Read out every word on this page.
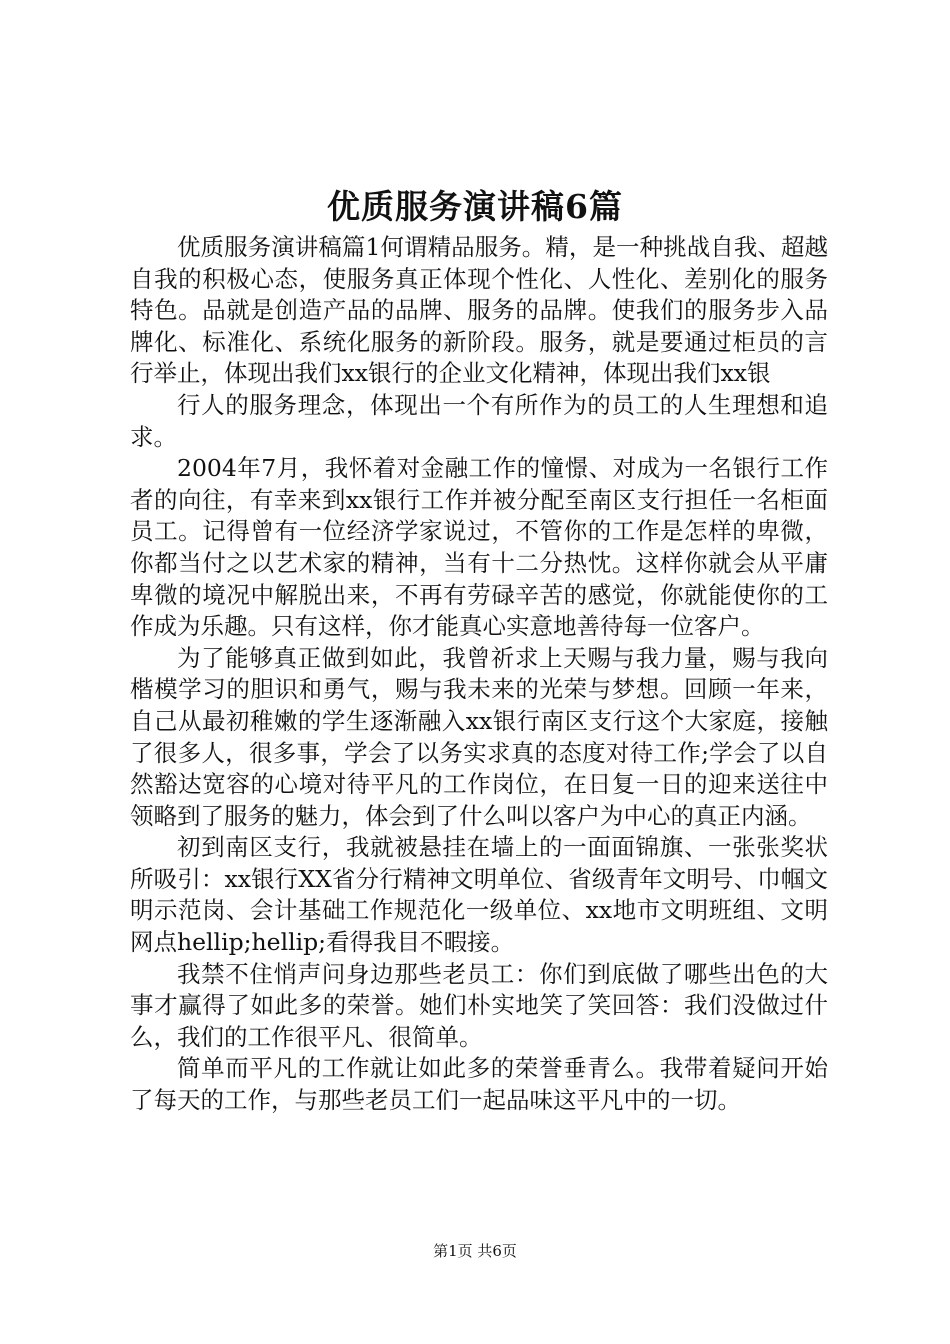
优质服务演讲稿6篇

优质服务演讲稿篇1何谓精品服务。精，是一种挑战自我、超越自我的积极心态，使服务真正体现个性化、人性化、差别化的服务特色。品就是创造产品的品牌、服务的品牌。使我们的服务步入品牌化、标准化、系统化服务的新阶段。服务，就是要通过柜员的言行举止，体现出我们xx银行的企业文化精神，体现出我们xx银

行人的服务理念，体现出一个有所作为的员工的人生理想和追求。

2004年7月，我怀着对金融工作的憧憬、对成为一名银行工作者的向往，有幸来到xx银行工作并被分配至南区支行担任一名柜面员工。记得曾有一位经济学家说过，不管你的工作是怎样的卑微，你都当付之以艺术家的精神，当有十二分热忱。这样你就会从平庸卑微的境况中解脱出来，不再有劳碌辛苦的感觉，你就能使你的工作成为乐趣。只有这样，你才能真心实意地善待每一位客户。

为了能够真正做到如此，我曾祈求上天赐与我力量，赐与我向楷模学习的胆识和勇气，赐与我未来的光荣与梦想。回顾一年来，自己从最初稚嫩的学生逐渐融入xx银行南区支行这个大家庭，接触了很多人，很多事，学会了以务实求真的态度对待工作;学会了以自然豁达宽容的心境对待平凡的工作岗位，在日复一日的迎来送往中领略到了服务的魅力，体会到了什么叫以客户为中心的真正内涵。

初到南区支行，我就被悬挂在墙上的一面面锦旗、一张张奖状所吸引：xx银行XX省分行精神文明单位、省级青年文明号、巾帼文明示范岗、会计基础工作规范化一级单位、xx地市文明班组、文明网点hellip;hellip;看得我目不暇接。

我禁不住悄声问身边那些老员工：你们到底做了哪些出色的大事才赢得了如此多的荣誉。她们朴实地笑了笑回答：我们没做过什么，我们的工作很平凡、很简单。

简单而平凡的工作就让如此多的荣誉垂青么。我带着疑问开始了每天的工作，与那些老员工们一起品味这平凡中的一切。

第1页 共6页
